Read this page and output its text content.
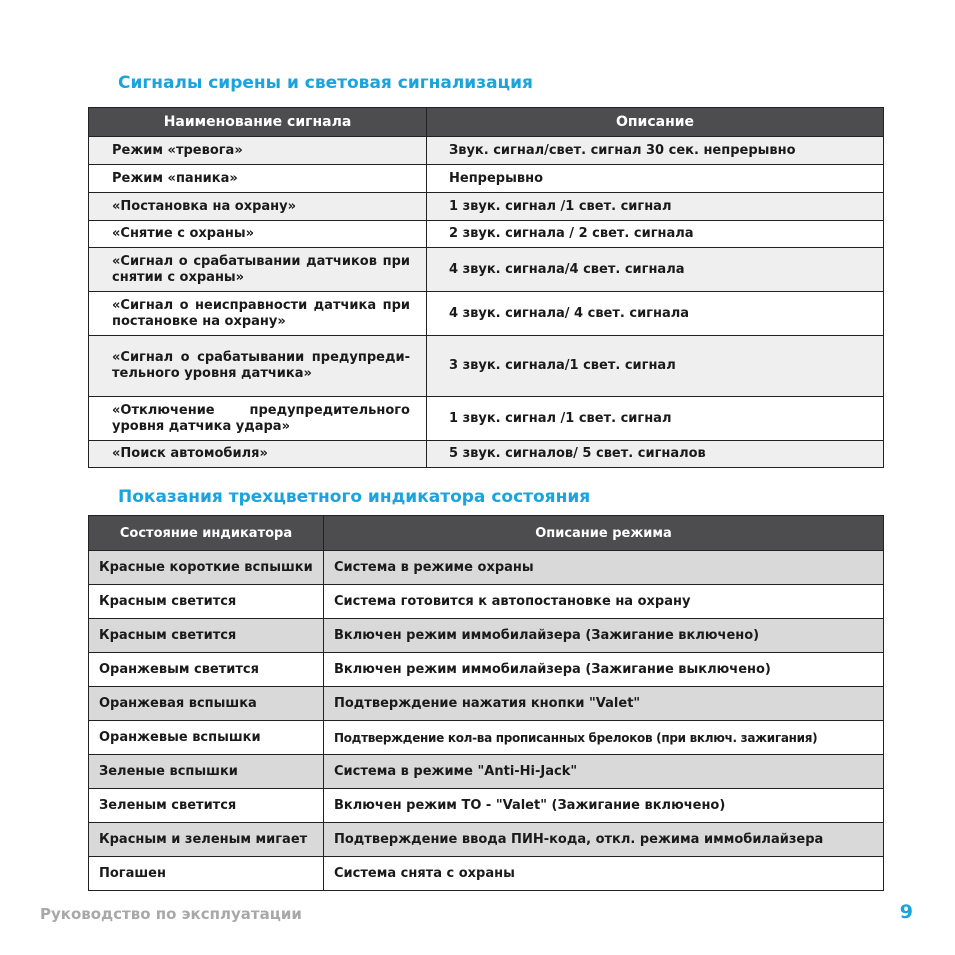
Сигналы сирены и световая сигнализация
Наименование сигнала	Описание
Режим «тревога»	Звук. сигнал/свет. сигнал 30 сек. непрерывно
Режим «паника»	Непрерывно
«Постановка на охрану»	1 звук. сигнал /1 свет. сигнал
«Снятие с охраны»	2 звук. сигнала / 2 свет. сигнала
«Сигнал о срабатывании датчиков при снятии с охраны»	4 звук. сигнала/4 свет. сигнала
«Сигнал о неисправности датчика при постановке на охрану»	4 звук. сигнала/ 4 свет. сигнала
«Сигнал о срабатывании предупреди-тельного уровня датчика»	3 звук. сигнала/1 свет. сигнал
«Отключение предупредительного уровня датчика удара»	1 звук. сигнал /1 свет. сигнал
«Поиск автомобиля»	5 звук. сигналов/ 5 свет. сигналов
Показания трехцветного индикатора состояния
Состояние индикатора	Описание режима
Красные короткие вспышки	Система в режиме охраны
Красным светится	Система готовится к автопостановке на охрану
Красным светится	Включен режим иммобилайзера (Зажигание включено)
Оранжевым светится	Включен режим иммобилайзера (Зажигание выключено)
Оранжевая вспышка	Подтверждение нажатия кнопки "Valet"
Оранжевые вспышки	Подтверждение кол-ва прописанных брелоков (при включ. зажигания)
Зеленые вспышки	Система в режиме "Anti-Hi-Jack"
Зеленым светится	Включен режим ТО - "Valet" (Зажигание включено)
Красным и зеленым мигает	Подтверждение ввода ПИН-кода, откл. режима иммобилайзера
Погашен	Система снята с охраны
Руководство по эксплуатации	9
